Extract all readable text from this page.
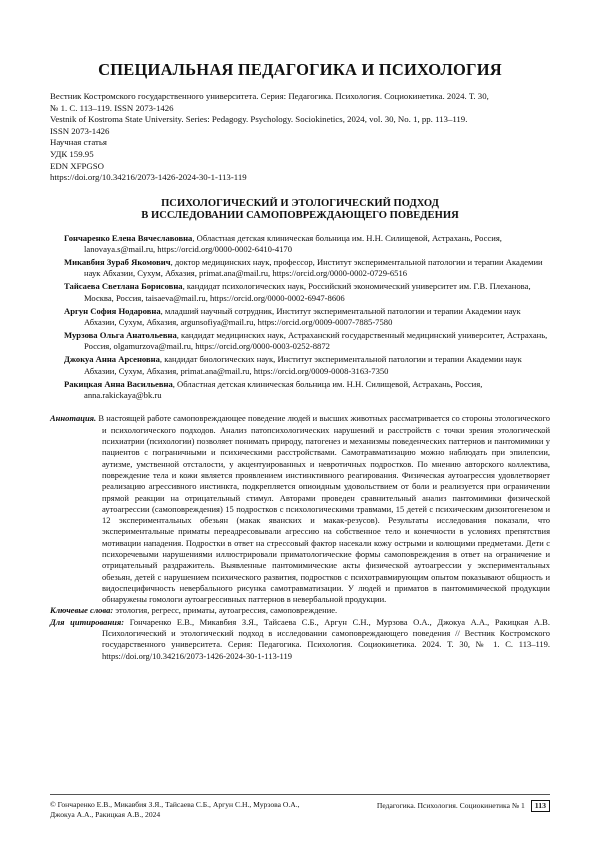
СПЕЦИАЛЬНАЯ ПЕДАГОГИКА И ПСИХОЛОГИЯ
Вестник Костромского государственного университета. Серия: Педагогика. Психология. Социокинетика. 2024. Т. 30,
№ 1. С. 113–119. ISSN 2073-1426
Vestnik of Kostroma State University. Series: Pedagogy. Psychology. Sociokinetics, 2024, vol. 30, No. 1, pp. 113–119.
ISSN 2073-1426
Научная статья
УДК 159.95
EDN XFPGSO
https://doi.org/10.34216/2073-1426-2024-30-1-113-119
ПСИХОЛОГИЧЕСКИЙ И ЭТОЛОГИЧЕСКИЙ ПОДХОД
В ИССЛЕДОВАНИИ САМОПОВРЕЖДАЮЩЕГО ПОВЕДЕНИЯ
Гончаренко Елена Вячеславовна, Областная детская клиническая больница им. Н.Н. Силищевой, Астрахань, Россия, lanovaya.s@mail.ru, https://orcid.org/0000-0002-6410-4170
Микавбия Зураб Якомович, доктор медицинских наук, профессор, Институт экспериментальной патологии и терапии Академии наук Абхазии, Сухум, Абхазия, primat.ana@mail.ru, https://orcid.org/0000-0002-0729-6516
Тайсаева Светлана Борисовна, кандидат психологических наук, Российский экономический университет им. Г.В. Плеханова, Москва, Россия, taisaeva@mail.ru, https://orcid.org/0000-0002-6947-8606
Аргун София Нодаровна, младший научный сотрудник, Институт экспериментальной патологии и терапии Академии наук Абхазии, Сухум, Абхазия, argunsofiya@mail.ru, https://orcid.org/0009-0007-7885-7580
Мурзова Ольга Анатольевна, кандидат медицинских наук, Астраханский государственный медицинский университет, Астрахань, Россия, olgamurzova@mail.ru, https://orcid.org/0000-0003-0252-8872
Джокуа Анна Арсеновна, кандидат биологических наук, Институт экспериментальной патологии и терапии Академии наук Абхазии, Сухум, Абхазия, primat.ana@mail.ru, https://orcid.org/0009-0008-3163-7350
Ракицкая Анна Васильевна, Областная детская клиническая больница им. Н.Н. Силищевой, Астрахань, Россия, anna.rakickaya@bk.ru
Аннотация. В настоящей работе самоповреждающее поведение людей и высших животных рассматривается со стороны этологического и психологического подходов. Анализ патопсихологических нарушений и расстройств с точки зрения этологической психиатрии (психологии) позволяет понимать природу, патогенез и механизмы поведенческих паттернов и пантомимики у пациентов с пограничными и психическими расстройствами. Самотравматизацию можно наблюдать при эпилепсии, аутизме, умственной отсталости, у акцентуированных и невротичных подростков. По мнению авторского коллектива, повреждение тела и кожи является проявлением инстинктивного реагирования. Физическая аутоагрессия удовлетворяет реализацию агрессивного инстинкта, подкрепляется опиоидным удовольствием от боли и реализуется при ограничении прямой реакции на отрицательный стимул. Авторами проведен сравнительный анализ пантомимики физической аутоагрессии (самоповреждения) 15 подростков с психологическими травмами, 15 детей с психическим дизонтогенезом и 12 экспериментальных обезьян (макак яванских и макак-резусов). Результаты исследования показали, что экспериментальные приматы переадресовывали агрессию на собственное тело и конечности в условиях препятствия мотивации нападения. Подростки в ответ на стрессовый фактор насекали кожу острыми и колющими предметами. Дети с психоречевыми нарушениями иллюстрировали приматологические формы самоповреждения в ответ на ограничение и отрицательный раздражитель. Выявленные пантомимические акты физической аутоагрессии у экспериментальных обезьян, детей с нарушением психического развития, подростков с психотравмирующим опытом показывают общность и видоспецифичность невербального рисунка самотравматизации. У людей и приматов в пантомимической продукции обнаружены гомологи аутоагрессивных паттернов в невербальной продукции.
Ключевые слова: этология, регресс, приматы, аутоагрессия, самоповреждение.
Для цитирования: Гончаренко Е.В., Микавбия З.Я., Тайсаева С.Б., Аргун С.Н., Мурзова О.А., Джокуа А.А., Ракицкая А.В. Психологический и этологический подход в исследовании самоповреждающего поведения // Вестник Костромского государственного университета. Серия: Педагогика. Психология. Социокинетика. 2024. Т. 30, № 1. С. 113–119. https://doi.org/10.34216/2073-1426-2024-30-1-113-119
© Гончаренко Е.В., Микавбия З.Я., Тайсаева С.Б., Аргун С.Н., Мурзова О.А., Джокуа А.А., Ракицкая А.В., 2024
Педагогика. Психология. Социокинетика № 1 113
